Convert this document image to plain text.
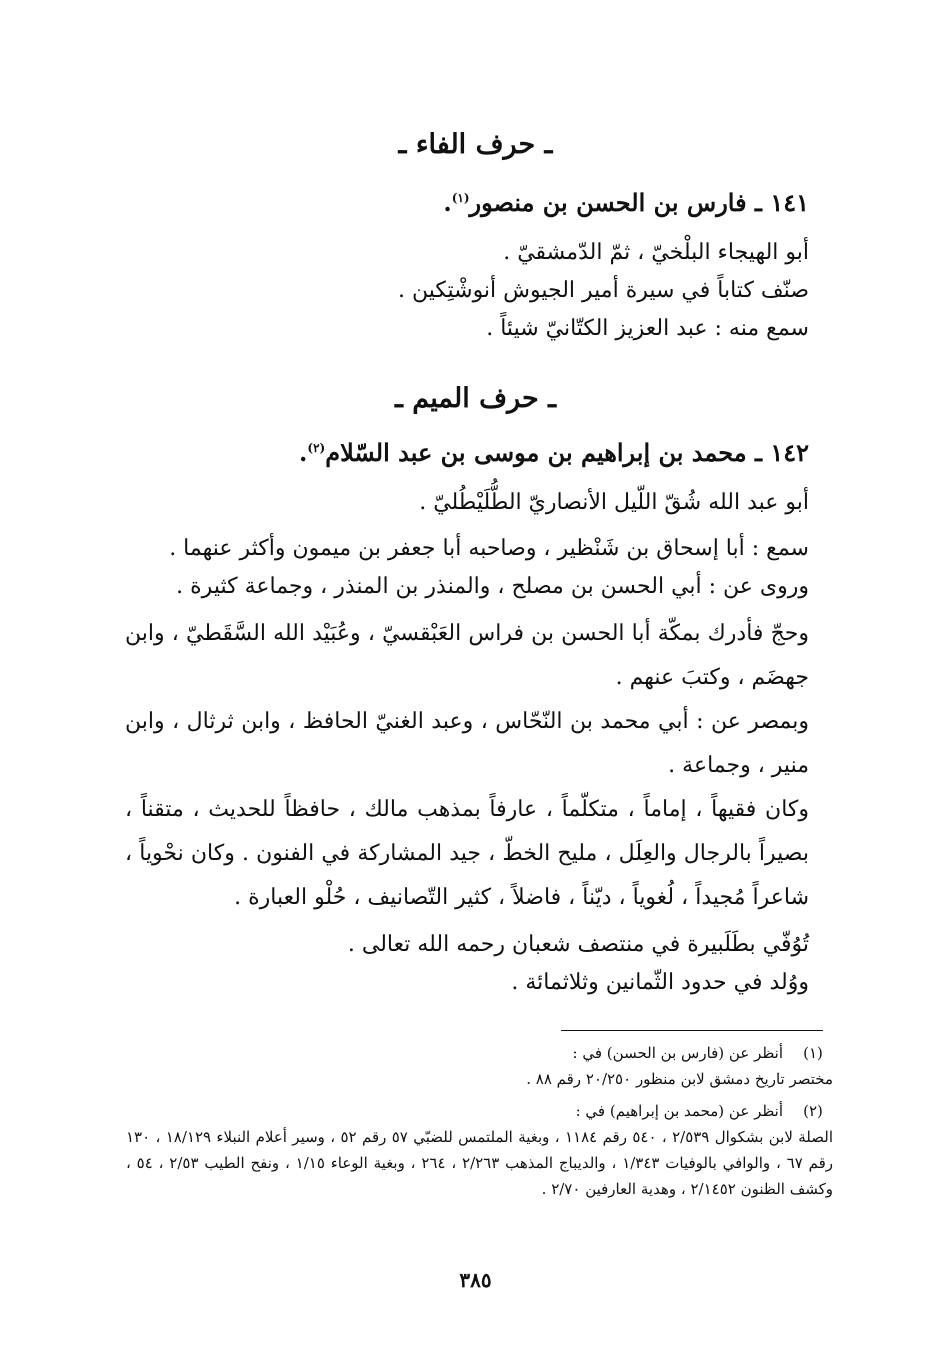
ـ حرف الفاء ـ
١٤١ ـ فارس بن الحسن بن منصور$^{(١)}$.
أبو الهيجاء البلْخيّ ، ثمّ الدّمشقيّ .
صنّف كتاباً في سيرة أمير الجيوش أنوشْتِكين .
سمع منه : عبد العزيز الكتّانيّ شيئاً .
ـ حرف الميم ـ
١٤٢ ـ محمد بن إبراهيم بن موسى بن عبد السّلام$^{(٢)}$.
أبو عبد الله شُقّ اللّيل الأنصاريّ الطُّلَيْطُليّ .
سمع : أبا إسحاق بن شَنْظير ، وصاحبه أبا جعفر بن ميمون وأكثر عنهما .
وروى عن : أبي الحسن بن مصلح ، والمنذر بن المنذر ، وجماعة كثيرة .
وحجّ فأدرك بمكّة أبا الحسن بن فراس العَبْقسيّ ، وعُبَيْد الله السَّقَطيّ ، وابن جهضَم ، وكتبَ عنهم .
وبمصر عن : أبي محمد بن النّحّاس ، وعبد الغنيّ الحافظ ، وابن ثرثال ، وابن منير ، وجماعة .
وكان فقيهاً ، إماماً ، متكلّماً ، عارفاً بمذهب مالك ، حافظاً للحديث ، متقناً ، بصيراً بالرجال والعِلَل ، مليح الخطّ ، جيد المشاركة في الفنون . وكان نحْوياً ، شاعراً مُجيداً ، لُغوياً ، ديّناً ، فاضلاً ، كثير التّصانيف ، حُلْو العبارة .
تُوُفّي بطَلَبيرة في منتصف شعبان رحمه الله تعالى .
ووُلد في حدود الثّمانين وثلاثمائة .
(١)
أنظر عن (فارس بن الحسن) في :
مختصر تاريخ دمشق لابن منظور ٢٠/٢٥٠ رقم ٨٨ .
(٢)
أنظر عن (محمد بن إبراهيم) في :
الصلة لابن بشكوال ٢/٥٣٩ ، ٥٤٠ رقم ١١٨٤ ، وبغية الملتمس للضبّي ٥٧ رقم ٥٢ ، وسير أعلام النبلاء ١٨/١٢٩ ، ١٣٠ رقم ٦٧ ، والوافي بالوفيات ١/٣٤٣ ، والديباج المذهب ٢/٢٦٣ ، ٢٦٤ ، وبغية الوعاء ١/١٥ ، ونفح الطيب ٢/٥٣ ، ٥٤ ، وكشف الظنون ٢/١٤٥٢ ، وهدية العارفين ٢/٧٠ .
٣٨٥
